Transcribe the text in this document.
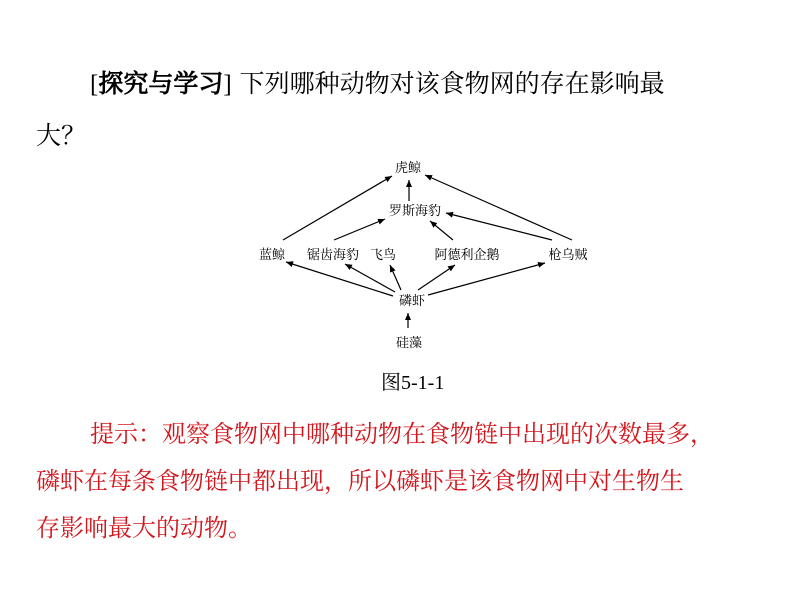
[探究与学习] 下列哪种动物对该食物网的存在影响最
大？
虎鲸
罗斯海豹
蓝鲸 锯齿海豹 飞鸟	阿德利企鹅	枪乌贼
磷虾
硅藻
图5-1-1
提示：观察食物网中哪种动物在食物链中出现的次数最多，
磷虾在每条食物链中都出现，所以磷虾是该食物网中对生物生
存影响最大的动物。
